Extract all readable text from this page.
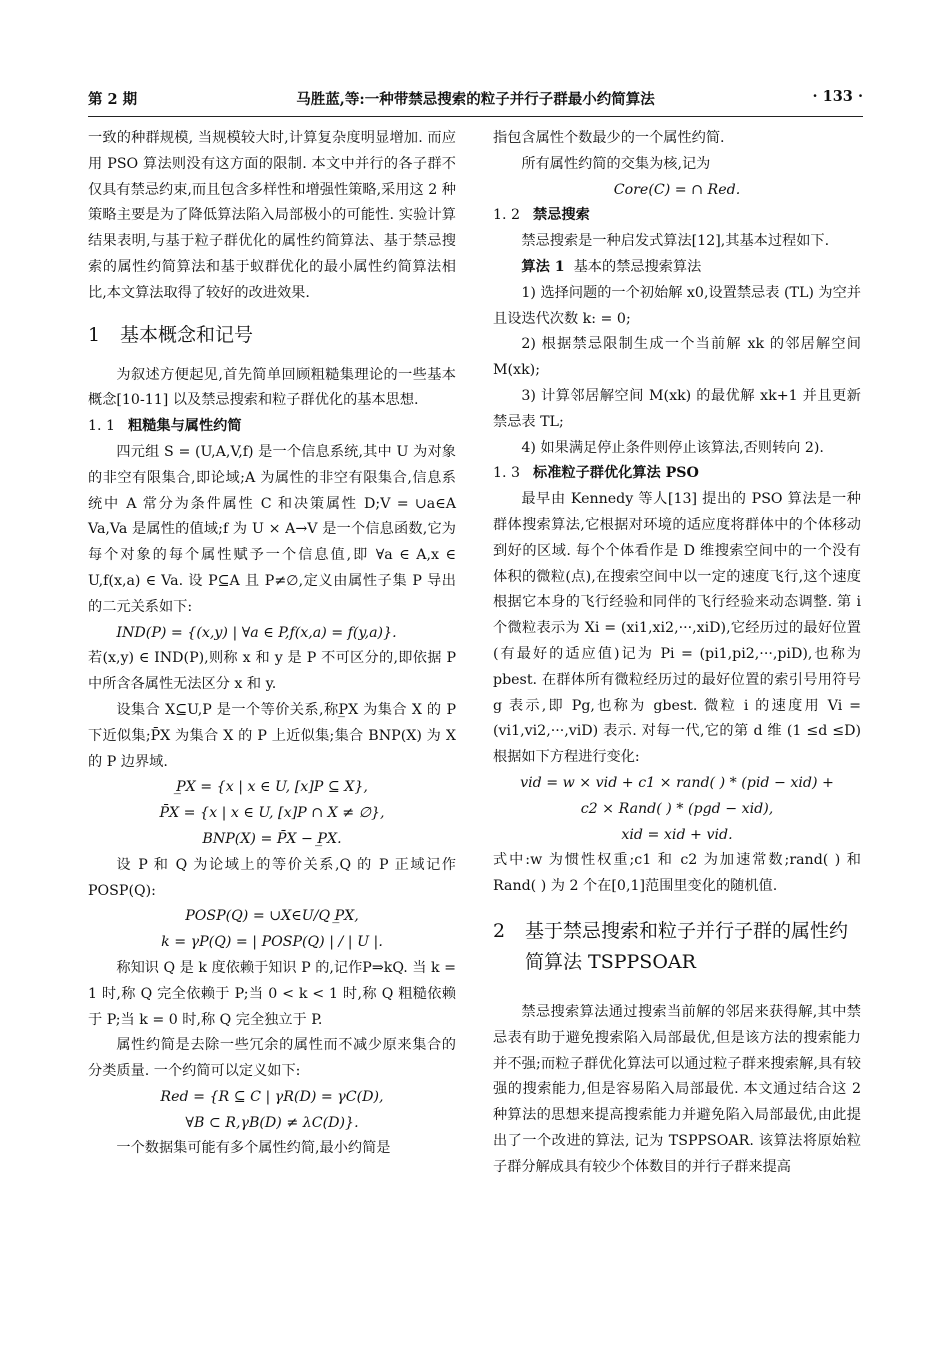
第 2 期	马胜蓝,等:一种带禁忌搜索的粒子并行子群最小约简算法	· 133 ·

一致的种群规模, 当规模较大时,计算复杂度明显增加. 而应用 PSO 算法则没有这方面的限制. 本文中并行的各子群不仅具有禁忌约束,而且包含多样性和增强性策略,采用这 2 种策略主要是为了降低算法陷入局部极小的可能性. 实验计算结果表明,与基于粒子群优化的属性约简算法、基于禁忌搜索的属性约简算法和基于蚁群优化的最小属性约简算法相比,本文算法取得了较好的改进效果.

1 基本概念和记号

为叙述方便起见,首先简单回顾粗糙集理论的一些基本概念[10-11] 以及禁忌搜索和粒子群优化的基本思想.

1. 1 粗糙集与属性约简

四元组 S = (U,A,V,f) 是一个信息系统,其中 U 为对象的非空有限集合,即论域;A 为属性的非空有限集合,信息系统中 A 常分为条件属性 C 和决策属性 D;V = ∪a∈A Va,Va 是属性的值域;f 为 U × A→V 是一个信息函数,它为每个对象的每个属性赋予一个信息值,即 ∀a ∈ A,x ∈ U,f(x,a) ∈ Va. 设 P⊆A 且 P≠∅,定义由属性子集 P 导出的二元关系如下:

IND(P) = {(x,y) | ∀a ∈ P,f(x,a) = f(y,a)}.

若(x,y) ∈ IND(P),则称 x 和 y 是 P 不可区分的,即依据 P 中所含各属性无法区分 x 和 y.

设集合 X⊆U,P 是一个等价关系,称P̲X 为集合 X 的 P 下近似集;P̄X 为集合 X 的 P 上近似集;集合 BNP(X) 为 X 的 P 边界域.

P̲X = {x | x ∈ U, [x]P ⊆ X},
P̄X = {x | x ∈ U, [x]P ∩ X ≠ ∅},
BNP(X) = P̄X − P̲X.

设 P 和 Q 为论域上的等价关系,Q 的 P 正域记作 POSP(Q):

POSP(Q) = ∪X∈U/Q P̲X,
k = γP(Q) = | POSP(Q) | / | U |.

称知识 Q 是 k 度依赖于知识 P 的,记作P⇒kQ. 当 k = 1 时,称 Q 完全依赖于 P;当 0 < k < 1 时,称 Q 粗糙依赖于 P;当 k = 0 时,称 Q 完全独立于 P.

属性约简是去除一些冗余的属性而不减少原来集合的分类质量. 一个约简可以定义如下:

Red = {R ⊆ C | γR(D) = γC(D),
∀B ⊂ R,γB(D) ≠ λC(D)}.

一个数据集可能有多个属性约简,最小约简是

指包含属性个数最少的一个属性约简.

所有属性约简的交集为核,记为

Core(C) = ∩ Red.
1. 2 禁忌搜索

禁忌搜索是一种启发式算法[12],其基本过程如下.

算法 1 基本的禁忌搜索算法

1) 选择问题的一个初始解 x0,设置禁忌表 (TL) 为空并且设迭代次数 k: = 0;

2) 根据禁忌限制生成一个当前解 xk 的邻居解空间 M(xk);

3) 计算邻居解空间 M(xk) 的最优解 xk+1 并且更新禁忌表 TL;

4) 如果满足停止条件则停止该算法,否则转向 2).

1. 3 标准粒子群优化算法 PSO

最早由 Kennedy 等人[13] 提出的 PSO 算法是一种群体搜索算法,它根据对环境的适应度将群体中的个体移动到好的区域. 每个个体看作是 D 维搜索空间中的一个没有体积的微粒(点),在搜索空间中以一定的速度飞行,这个速度根据它本身的飞行经验和同伴的飞行经验来动态调整. 第 i 个微粒表示为 Xi = (xi1,xi2,···,xiD),它经历过的最好位置(有最好的适应值)记为 Pi = (pi1,pi2,···,piD),也称为 pbest. 在群体所有微粒经历过的最好位置的索引号用符号 g 表示,即 Pg,也称为 gbest. 微粒 i 的速度用 Vi = (vi1,vi2,···,viD) 表示. 对每一代,它的第 d 维 (1 ≤d ≤D) 根据如下方程进行变化:

vid = w × vid + c1 × rand( ) * (pid − xid) +
c2 × Rand( ) * (pgd − xid),
xid = xid + vid.

式中:w 为惯性权重;c1 和 c2 为加速常数;rand( ) 和 Rand( ) 为 2 个在[0,1]范围里变化的随机值.

2 基于禁忌搜索和粒子并行子群的属性约简算法 TSPPSOAR

禁忌搜索算法通过搜索当前解的邻居来获得解,其中禁忌表有助于避免搜索陷入局部最优,但是该方法的搜索能力并不强;而粒子群优化算法可以通过粒子群来搜索解,具有较强的搜索能力,但是容易陷入局部最优. 本文通过结合这 2 种算法的思想来提高搜索能力并避免陷入局部最优,由此提出了一个改进的算法, 记为 TSPPSOAR. 该算法将原始粒子群分解成具有较少个体数目的并行子群来提高
